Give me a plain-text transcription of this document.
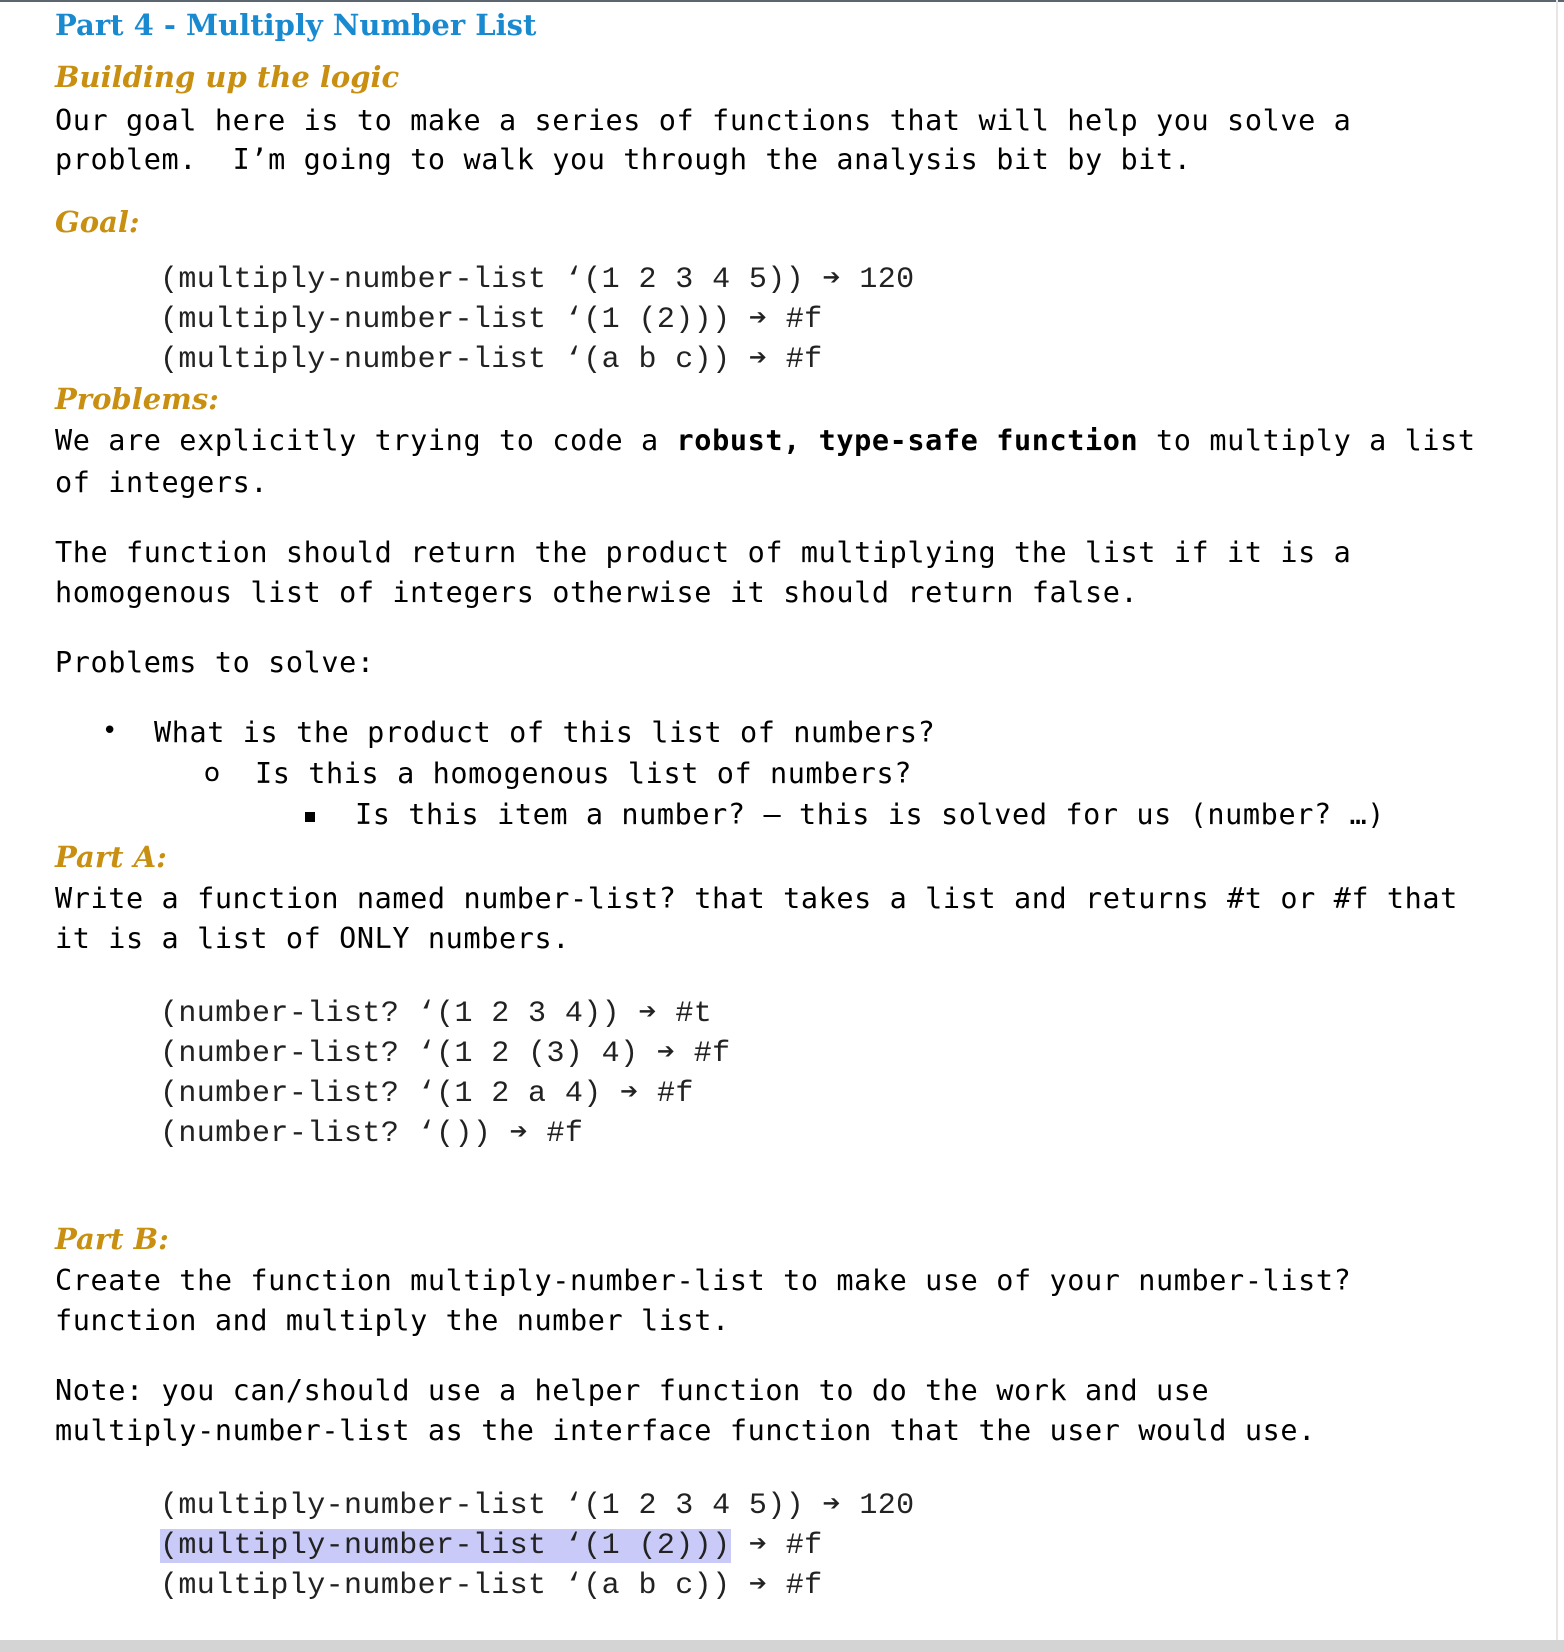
Part 4 - Multiply Number List
Building up the logic
Our goal here is to make a series of functions that will help you solve a
problem.  I’m going to walk you through the analysis bit by bit.
Goal:
(multiply-number-list ‘(1 2 3 4 5)) ➔ 120
(multiply-number-list ‘(1 (2))) ➔ #f
(multiply-number-list ‘(a b c)) ➔ #f
Problems:
We are explicitly trying to code a robust, type-safe function to multiply a list
of integers.
The function should return the product of multiplying the list if it is a
homogenous list of integers otherwise it should return false.
Problems to solve:
• What is the product of this list of numbers?
o Is this a homogenous list of numbers?
Is this item a number? – this is solved for us (number? …)
Part A:
Write a function named number-list? that takes a list and returns #t or #f that
it is a list of ONLY numbers.
(number-list? ‘(1 2 3 4)) ➔ #t
(number-list? ‘(1 2 (3) 4) ➔ #f
(number-list? ‘(1 2 a 4) ➔ #f
(number-list? ‘()) ➔ #f
Part B:
Create the function multiply-number-list to make use of your number-list?
function and multiply the number list.
Note: you can/should use a helper function to do the work and use
multiply-number-list as the interface function that the user would use.
(multiply-number-list ‘(1 2 3 4 5)) ➔ 120
(multiply-number-list ‘(1 (2))) ➔ #f
(multiply-number-list ‘(a b c)) ➔ #f
